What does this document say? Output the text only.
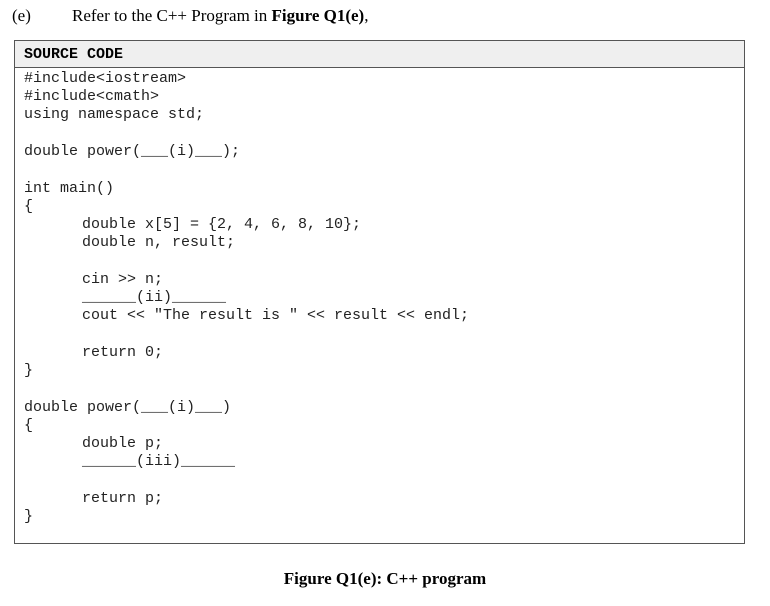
(e) Refer to the C++ Program in Figure Q1(e),
SOURCE CODE
#include<iostream>
#include<cmath>
using namespace std;
double power(___(i)___);
int main()
{
double x[5] = {2, 4, 6, 8, 10};
double n, result;
cin >> n;
______(ii)______
cout << "The result is " << result << endl;
return 0;
}
double power(___(i)___)
{
double p;
______(iii)______
return p;
}
Figure Q1(e): C++ program
